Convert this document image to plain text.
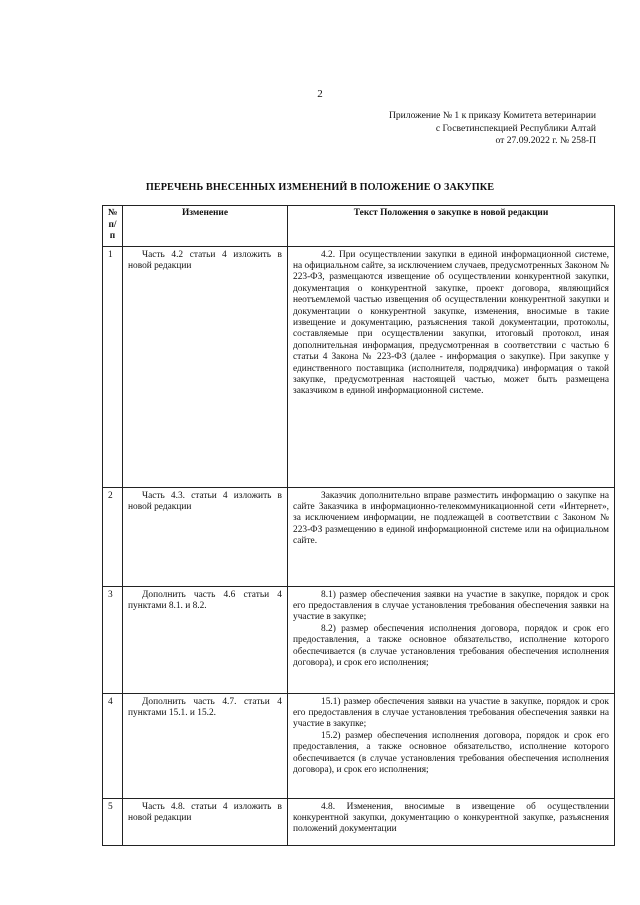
2
Приложение № 1 к приказу Комитета ветеринарии
с Госветинспекцией Республики Алтай
от 27.09.2022 г. № 258-П
ПЕРЕЧЕНЬ ВНЕСЕННЫХ ИЗМЕНЕНИЙ В ПОЛОЖЕНИЕ О ЗАКУПКЕ
№
п/
п	Изменение	Текст Положения о закупке в новой редакции
1	Часть 4.2 статьи 4 изложить в новой редакции	4.2. При осуществлении закупки в единой информационной системе, на официальном сайте, за исключением случаев, предусмотренных Законом № 223-ФЗ, размещаются извещение об осуществлении конкурентной закупки, документация о конкурентной закупке, проект договора, являющийся неотъемлемой частью извещения об осуществлении конкурентной закупки и документации о конкурентной закупке, изменения, вносимые в такие извещение и документацию, разъяснения такой документации, протоколы, составляемые при осуществлении закупки, итоговый протокол, иная дополнительная информация, предусмотренная в соответствии с частью 6 статьи 4 Закона № 223-ФЗ (далее - информация о закупке). При закупке у единственного поставщика (исполнителя, подрядчика) информация о такой закупке, предусмотренная настоящей частью, может быть размещена заказчиком в единой информационной системе.

2	Часть 4.3. статьи 4 изложить в новой редакции	Заказчик дополнительно вправе разместить информацию о закупке на сайте Заказчика в информационно-телекоммуникационной сети «Интернет», за исключением информации, не подлежащей в соответствии с Законом № 223-ФЗ размещению в единой информационной системе или на официальном сайте.

3	Дополнить часть 4.6 статьи 4 пунктами 8.1. и 8.2.	8.1) размер обеспечения заявки на участие в закупке, порядок и срок его предоставления в случае установления требования обеспечения заявки на участие в закупке;

8.2) размер обеспечения исполнения договора, порядок и срок его предоставления, а также основное обязательство, исполнение которого обеспечивается (в случае установления требования обеспечения исполнения договора), и срок его исполнения;

4	Дополнить часть 4.7. статьи 4 пунктами 15.1. и 15.2.	15.1) размер обеспечения заявки на участие в закупке, порядок и срок его предоставления в случае установления требования обеспечения заявки на участие в закупке;

15.2) размер обеспечения исполнения договора, порядок и срок его предоставления, а также основное обязательство, исполнение которого обеспечивается (в случае установления требования обеспечения исполнения договора), и срок его исполнения;

5	Часть 4.8. статьи 4 изложить в новой редакции	4.8. Изменения, вносимые в извещение об осуществлении конкурентной закупки, документацию о конкурентной закупке, разъяснения положений документации
